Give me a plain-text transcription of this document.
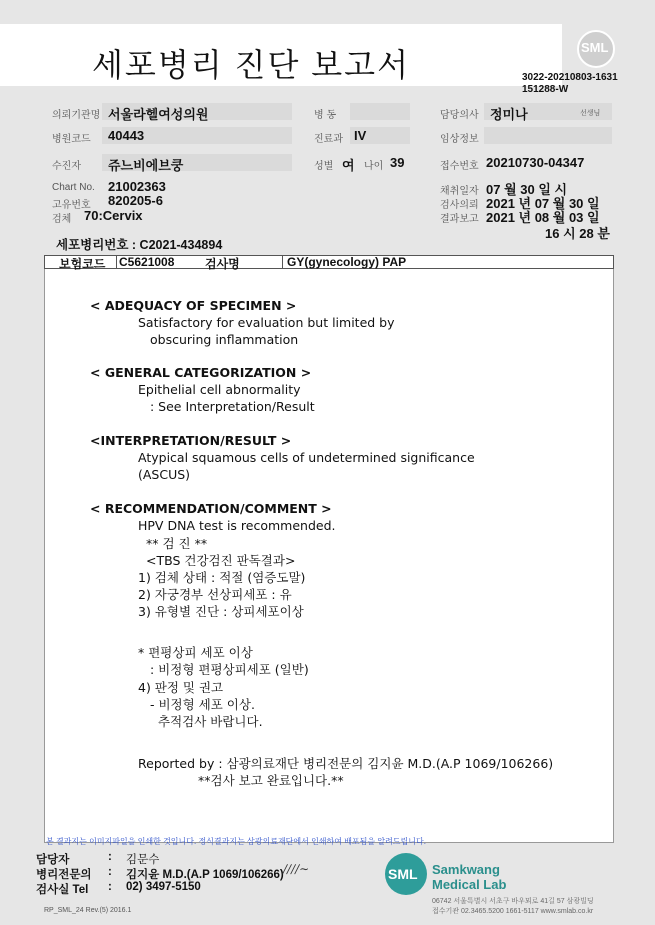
세포병리 진단 보고서	SML
3022-20210803-1631
151288-W
의뢰기관명 서울라헬여성의원	병 동	담당의사 정미나	선생님
병원코드 40443	진료과 IV	임상정보
수진자 쥬느비에브쿵	성별 여 나이 39	접수번호 20210730-04347
Chart No. 21002363
고유번호 820205-6
검체 70:Cervix
채취일자 07 월 30 일 시
검사의뢰 2021 년 07 월 30 일
결과보고 2021 년 08 월 03 일
16 시 28 분
세포병리번호 : C2021-434894
보험코드 C5621008	검사명	GY(gynecology) PAP
< ADEQUACY OF SPECIMEN >
Satisfactory for evaluation but limited by
obscuring inflammation
< GENERAL CATEGORIZATION >
Epithelial cell abnormality
: See Interpretation/Result
<INTERPRETATION/RESULT >
Atypical squamous cells of undetermined significance
(ASCUS)
< RECOMMENDATION/COMMENT >
HPV DNA test is recommended.
** 검 진 **
<TBS 건강검진 판독결과>
1) 검체 상태 : 적절 (염증도말)
2) 자궁경부 선상피세포 : 유
3) 유형별 진단 : 상피세포이상
* 편평상피 세포 이상
: 비정형 편평상피세포 (일반)
4) 판정 및 권고
- 비정형 세포 이상.
추적검사 바랍니다.
Reported by : 삼광의료재단 병리전문의 김지윤 M.D.(A.P 1069/106266)
**검사 보고 완료입니다.**
본 결과지는 이미지파일을 인쇄한 것입니다. 정식결과지는 삼광의료재단에서 인쇄하여 배포됨을 알려드립니다.
담당자	: 김문수
병리전문의 : 김지윤 M.D.(A.P 1069/106266) ∕∕∕∕∼
검사실 Tel : 02) 3497-5150
SML Samkwang
Medical Lab
06742 서울특별시 서초구 바우뫼로 41길 57 삼광빌딩
접수기관 02.3465.5200 1661-5117 www.smlab.co.kr
RP_SML_24 Rev.(5) 2016.1
